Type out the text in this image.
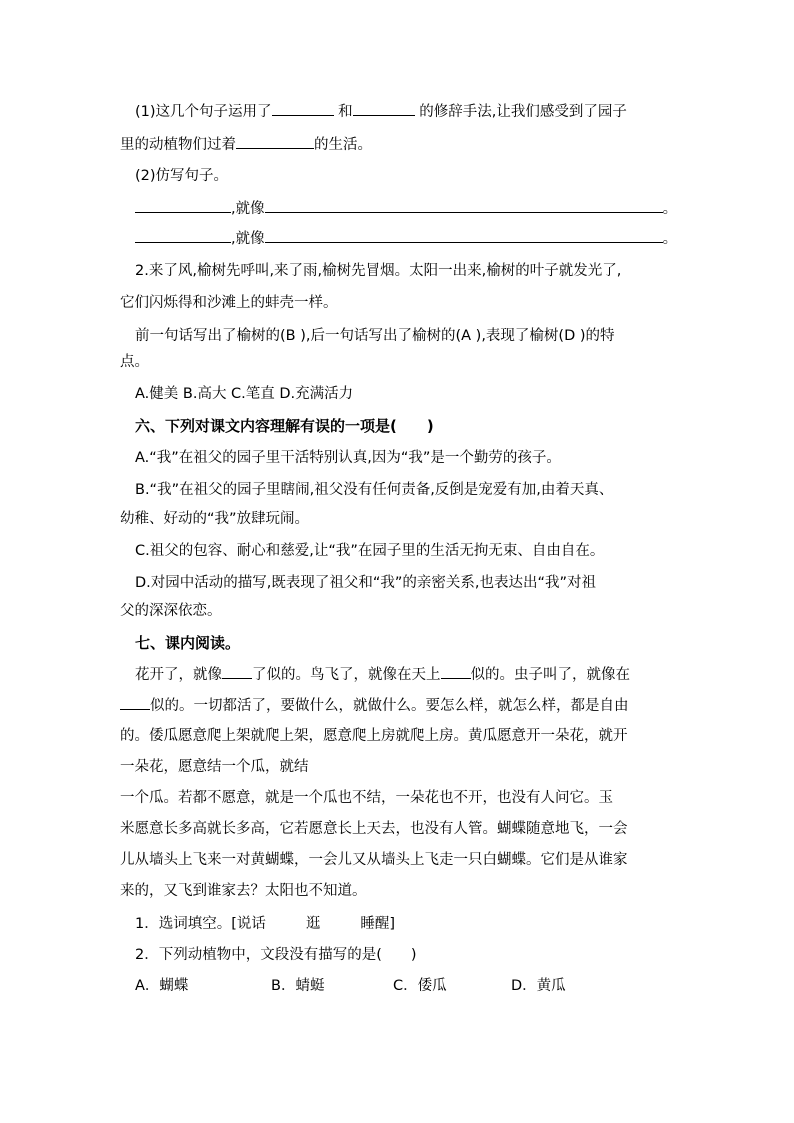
(1)这几个句子运用了	和	的修辞手法,让我们感受到了园子
里的动植物们过着	的生活。
(2)仿写句子。
,就像	。
,就像	。
2.来了风,榆树先呼叫,来了雨,榆树先冒烟。太阳一出来,榆树的叶子就发光了,
它们闪烁得和沙滩上的蚌壳一样。
前一句话写出了榆树的(B ),后一句话写出了榆树的(A ),表现了榆树(D )的特
点。
A.健美 B.高大 C.笔直 D.充满活力
六、下列对课文内容理解有误的一项是(　　)
A.“我”在祖父的园子里干活特别认真,因为“我”是一个勤劳的孩子。
B.“我”在祖父的园子里瞎闹,祖父没有任何责备,反倒是宠爱有加,由着天真、
幼稚、好动的“我”放肆玩闹。
C.祖父的包容、耐心和慈爱,让“我”在园子里的生活无拘无束、自由自在。
D.对园中活动的描写,既表现了祖父和“我”的亲密关系,也表达出“我”对祖
父的深深依恋。
七、课内阅读。
花开了，就像 了似的。鸟飞了，就像在天上 似的。虫子叫了，就像在
似的。一切都活了，要做什么，就做什么。要怎么样，就怎么样，都是自由
的。倭瓜愿意爬上架就爬上架，愿意爬上房就爬上房。黄瓜愿意开一朵花，就开
一朵花，愿意结一个瓜，就结
一个瓜。若都不愿意，就是一个瓜也不结，一朵花也不开，也没有人问它。玉
米愿意长多高就长多高，它若愿意长上天去，也没有人管。蝴蝶随意地飞，一会
儿从墙头上飞来一对黄蝴蝶，一会儿又从墙头上飞走一只白蝴蝶。它们是从谁家
来的，又飞到谁家去？太阳也不知道。
1．选词填空。[说话	逛	睡醒]
2．下列动植物中，文段没有描写的是(　　)
A．蝴蝶	B．蜻蜓	C．倭瓜	D．黄瓜
